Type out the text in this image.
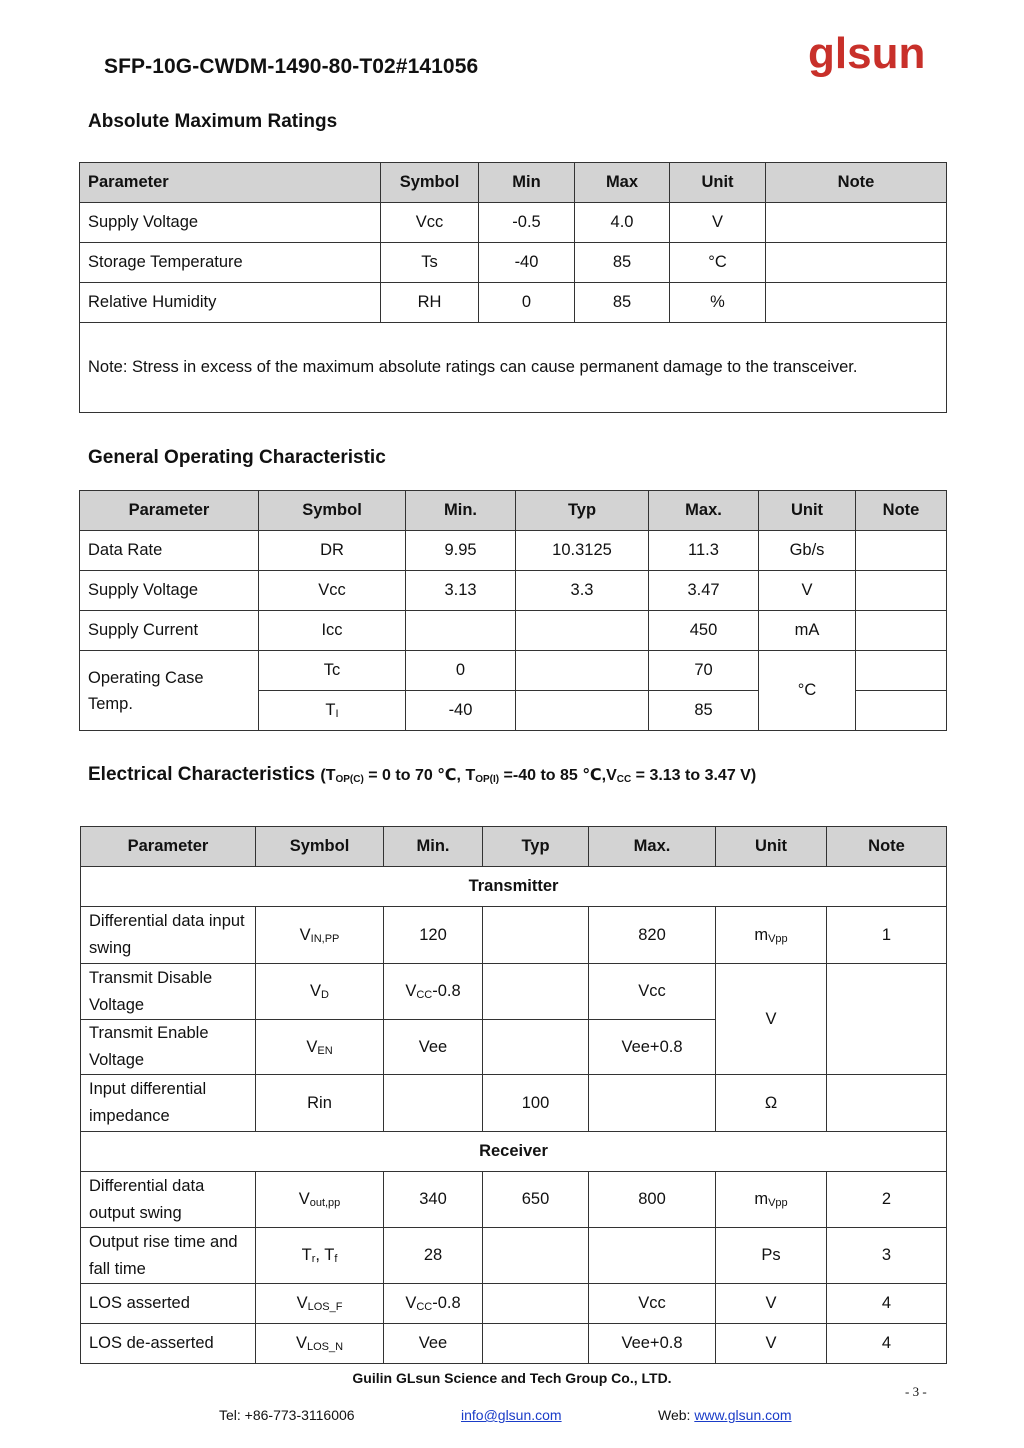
SFP-10G-CWDM-1490-80-T02#141056	glsun
Absolute Maximum Ratings
Parameter	Symbol	Min	Max	Unit	Note
Supply Voltage	Vcc	-0.5	4.0	V	
Storage Temperature	Ts	-40	85	°C	
Relative Humidity	RH	0	85	%	
Note: Stress in excess of the maximum absolute ratings can cause permanent damage to the transceiver.					
General Operating Characteristic
Parameter	Symbol	Min.	Typ	Max.	Unit	Note
Data Rate	DR	9.95	10.3125	11.3	Gb/s	
Supply Voltage	Vcc	3.13	3.3	3.47	V	
Supply Current	Icc			450	mA	
Operating Case Temp.	Tc	0		70	°C	
	$T_I$	-40		85		
Electrical Characteristics ($T_{OP(C)} = 0$ to 70 ℃, $T_{OP(I)} =-40$ to 85 $℃,V_{CC} = 3.13$ to 3.47 V)
Parameter	Symbol	Min.	Typ	Max.	Unit	Note
Transmitter						
Differential data input swing	$V_{IN,PP}$	120		820	$m_{Vpp}$	1
Transmit Disable Voltage	$V_D$	$V_{CC}-0.8$		Vcc	V	
Transmit Enable Voltage	$V_{EN}$	Vee		Vee+0.8		
Input differential impedance	Rin		100		Ω	
Receiver						
Differential data output swing	$V_{out,pp}$	340	650	800	$m_{Vpp}$	2
Output rise time and fall time	$T_r$, $T_f$	28			Ps	3
LOS asserted	$V_{LOS\_F}$	$V_{CC}-0.8$		Vcc	V	4
LOS de-asserted	$V_{LOS\_N}$	Vee		Vee+0.8	V	4
Guilin GLsun Science and Tech Group Co., LTD.
- 3 -
Tel: +86-773-3116006	info@glsun.com	Web: www.glsun.com
